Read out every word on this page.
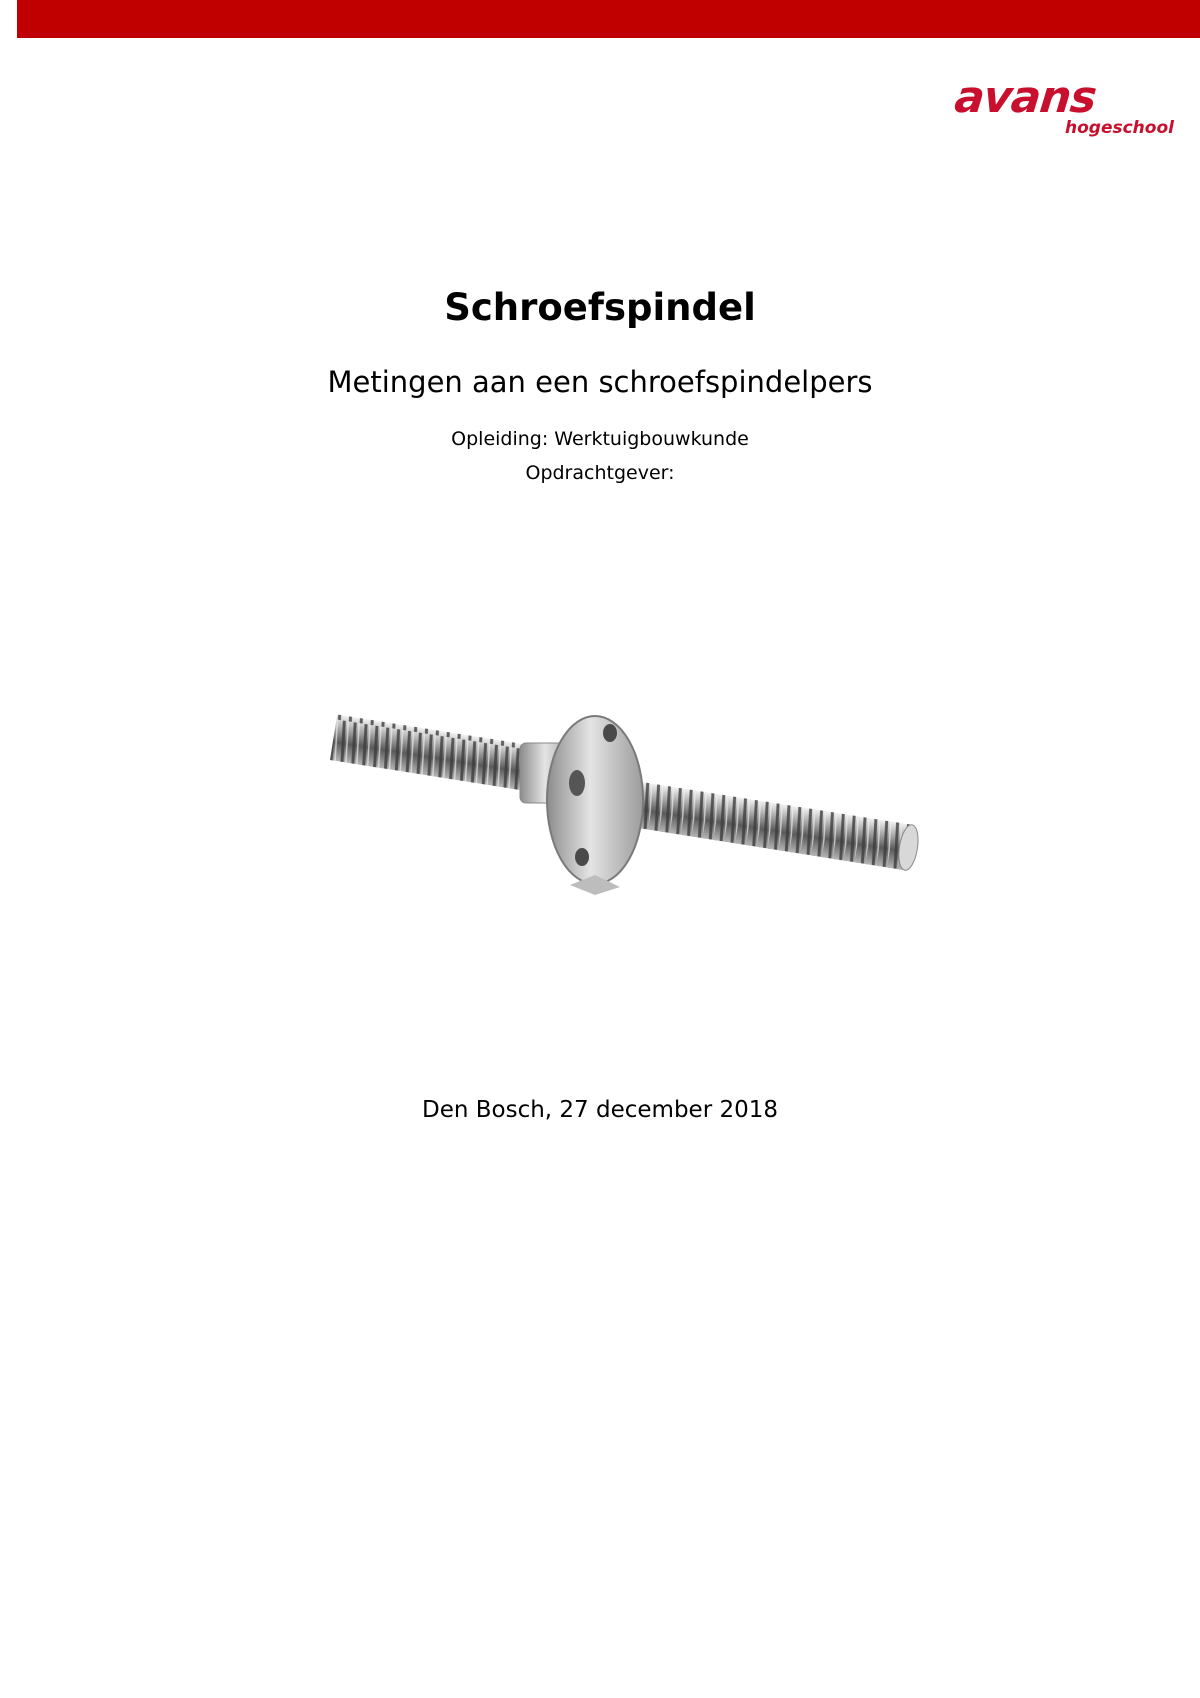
avans
hogeschool
Schroefspindel
Metingen aan een schroefspindelpers
Opleiding: Werktuigbouwkunde
Opdrachtgever:
Den Bosch, 27 december 2018
